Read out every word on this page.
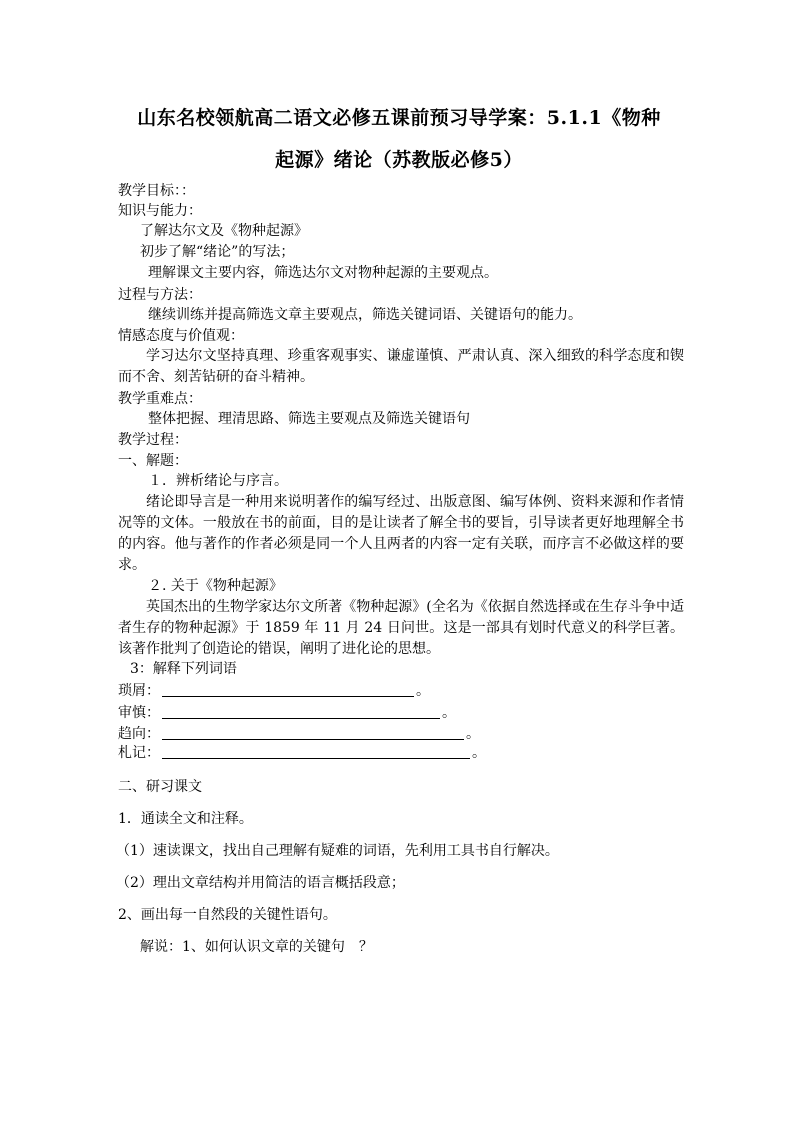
山东名校领航高二语文必修五课前预习导学案：5.1.1《物种
起源》绪论（苏教版必修5）
教学目标：：
知识与能力：
了解达尔文及《物种起源》
初步了解“绪论”的写法；
理解课文主要内容，筛选达尔文对物种起源的主要观点。
过程与方法：
继续训练并提高筛选文章主要观点，筛选关键词语、关键语句的能力。
情感态度与价值观：
学习达尔文坚持真理、珍重客观事实、谦虚谨慎、严肃认真、深入细致的科学态度和锲而不舍、刻苦钻研的奋斗精神。
教学重难点：
整体把握、理清思路、筛选主要观点及筛选关键语句
教学过程：
一、解题：
１．辨析绪论与序言。
绪论即导言是一种用来说明著作的编写经过、出版意图、编写体例、资料来源和作者情况等的文体。一般放在书的前面，目的是让读者了解全书的要旨，引导读者更好地理解全书的内容。他与著作的作者必须是同一个人且两者的内容一定有关联，而序言不必做这样的要求。
２. 关于《物种起源》
英国杰出的生物学家达尔文所著《物种起源》(全名为《依据自然选择或在生存斗争中适者生存的物种起源》于 1859 年 11 月 24 日问世。这是一部具有划时代意义的科学巨著。该著作批判了创造论的错误，阐明了进化论的思想。
3：解释下列词语
琐屑：	。
审慎：	。
趋向：	。
札记：	。
二、研习课文
1．通读全文和注释。
（1）速读课文，找出自己理解有疑难的词语，先利用工具书自行解决。
（2）理出文章结构并用简洁的语言概括段意；
2、画出每一自然段的关键性语句。
解说：1、如何认识文章的关键句　？
